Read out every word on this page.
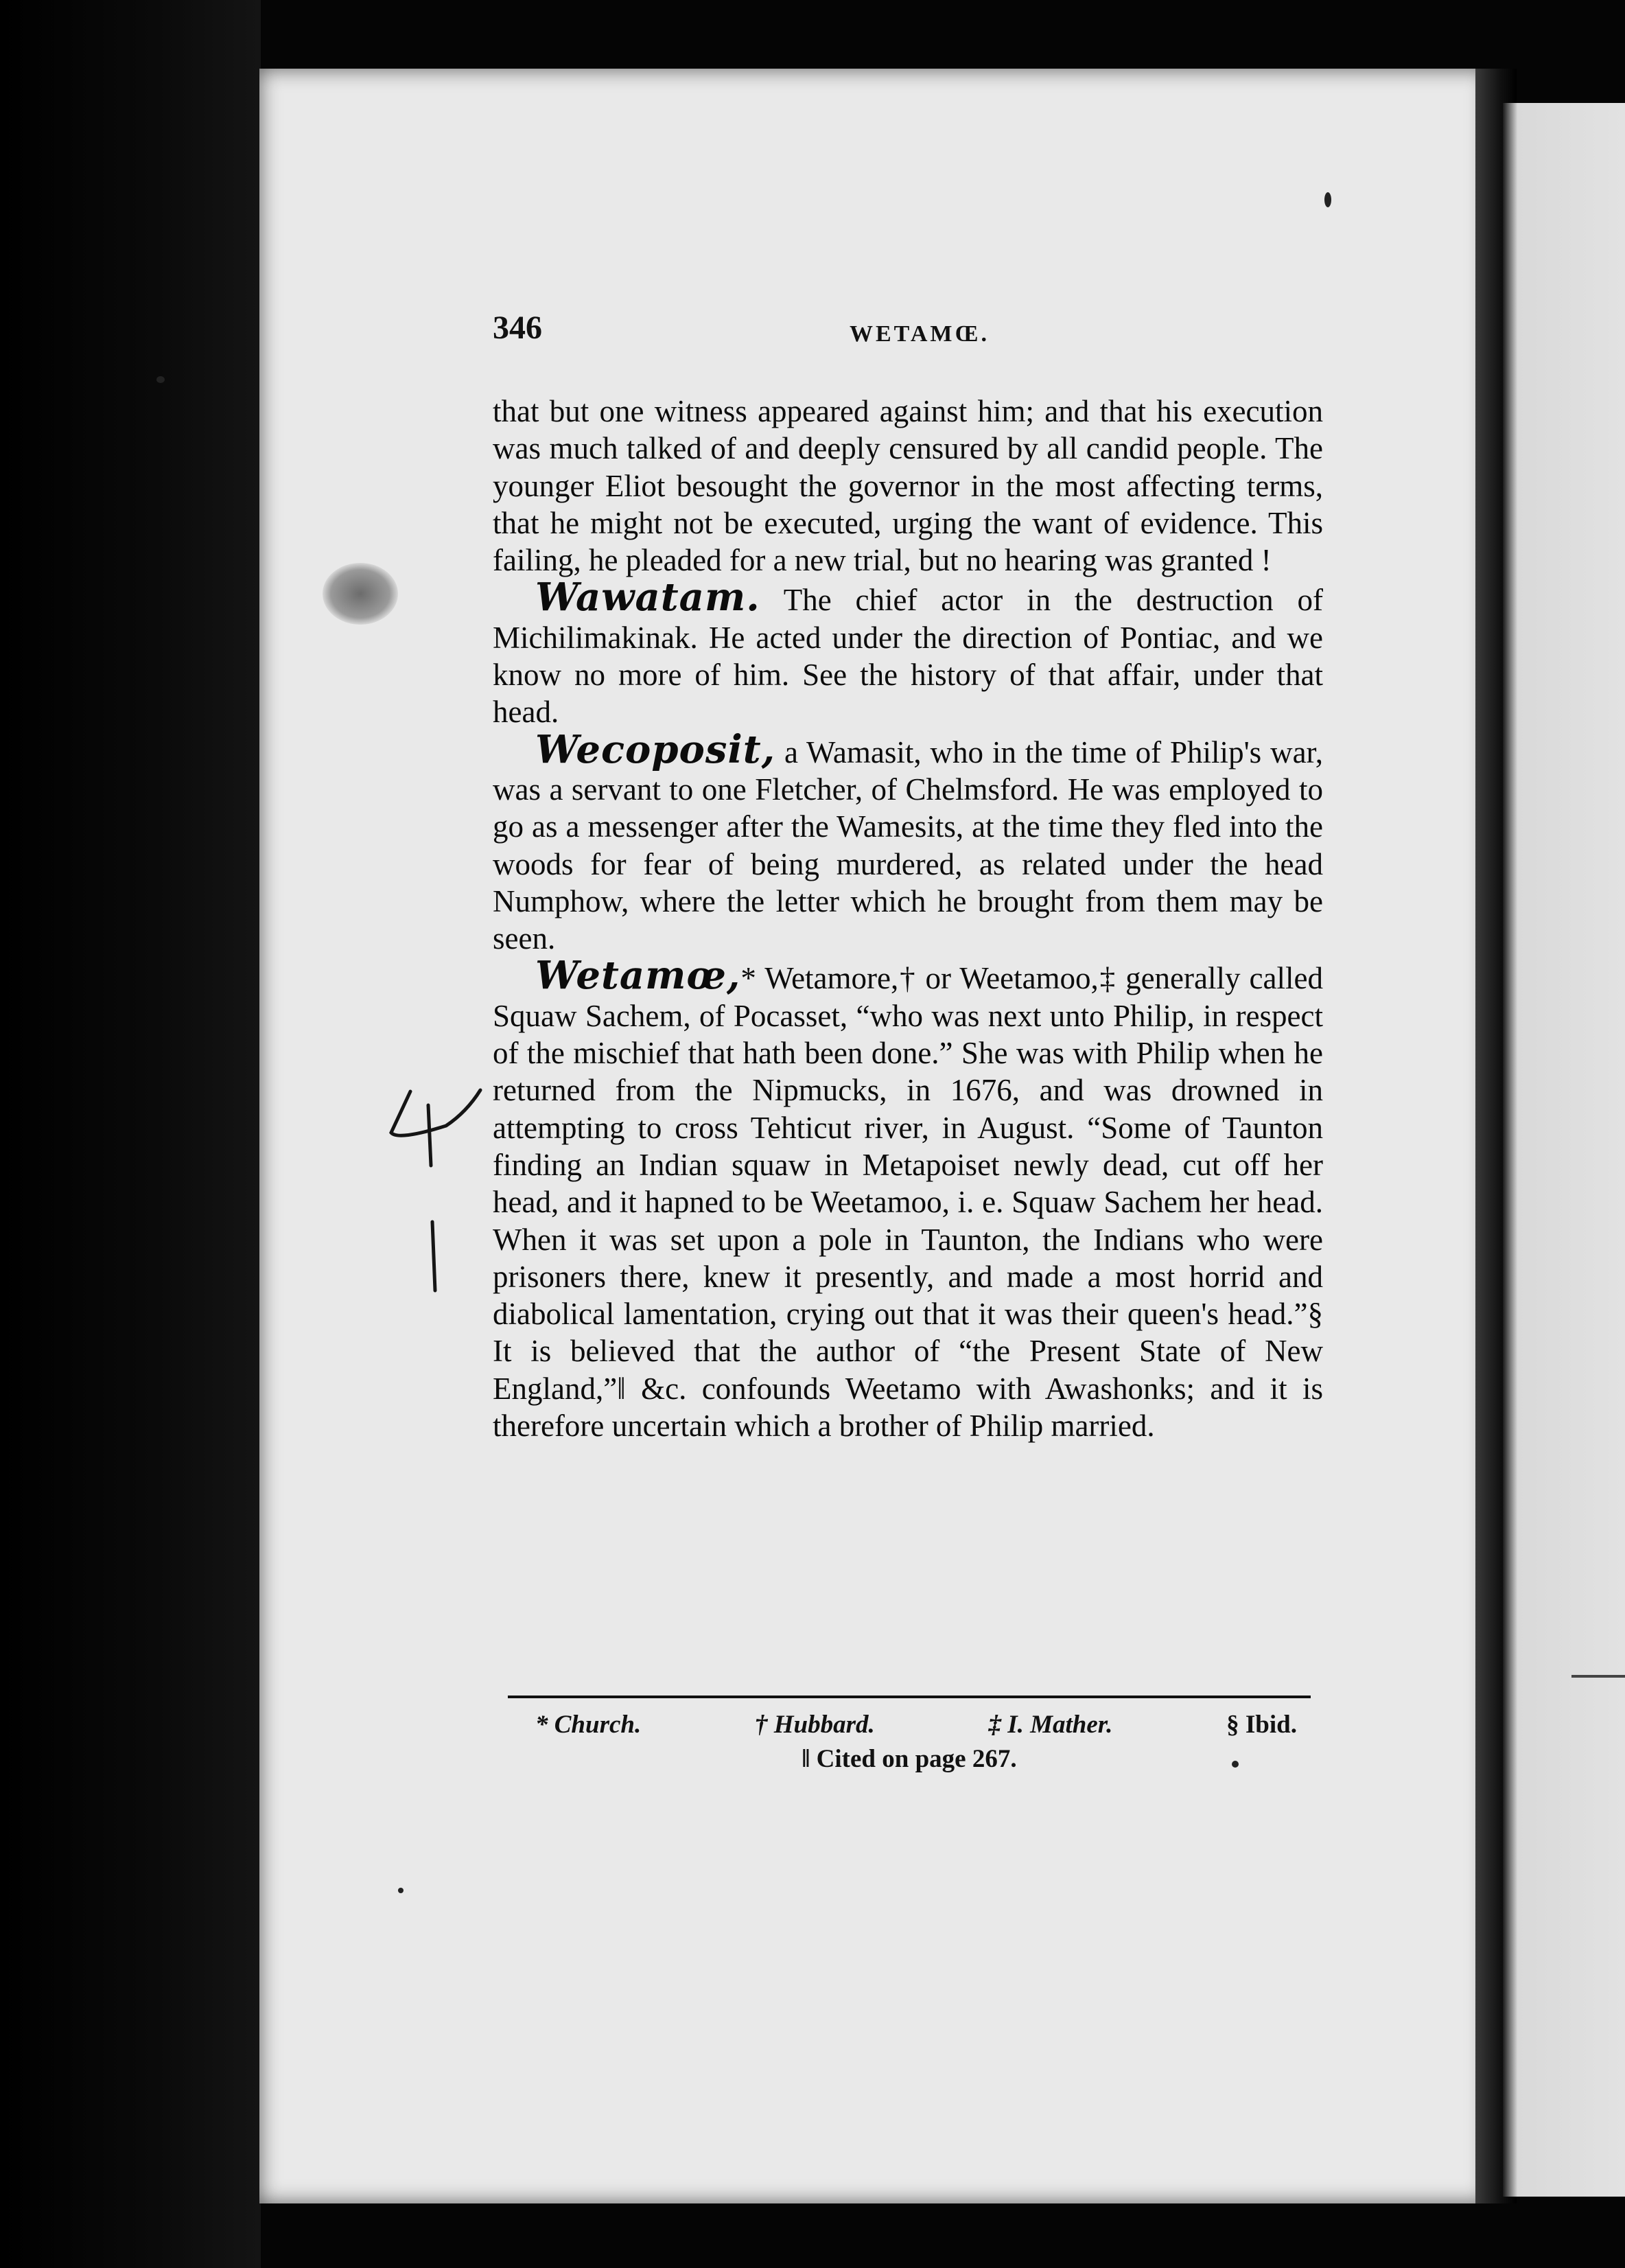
346	WETAMŒ.

that but one witness appeared against him; and that his execution was much talked of and deeply censured by all candid people. The younger Eliot besought the governor in the most affecting terms, that he might not be executed, urging the want of evidence. This failing, he pleaded for a new trial, but no hearing was granted !

Wawatam. The chief actor in the destruction of Michilimakinak. He acted under the direction of Pontiac, and we know no more of him. See the history of that affair, under that head.

Wecoposit, a Wamasit, who in the time of Philip's war, was a servant to one Fletcher, of Chelmsford. He was employed to go as a messenger after the Wamesits, at the time they fled into the woods for fear of being murdered, as related under the head Numphow, where the letter which he brought from them may be seen.

Wetamœ,* Wetamore,† or Weetamoo,‡ generally called Squaw Sachem, of Pocasset, “who was next unto Philip, in respect of the mischief that hath been done.” She was with Philip when he returned from the Nipmucks, in 1676, and was drowned in attempting to cross Tehticut river, in August. “Some of Taunton finding an Indian squaw in Metapoiset newly dead, cut off her head, and it hapned to be Weetamoo, i. e. Squaw Sachem her head. When it was set upon a pole in Taunton, the Indians who were prisoners there, knew it presently, and made a most horrid and diabolical lamentation, crying out that it was their queen's head.”§ It is believed that the author of “the Present State of New England,”‖ &c. confounds Weetamo with Awashonks; and it is therefore uncertain which a brother of Philip married.

* Church.	† Hubbard.	‡ I. Mather.	§ Ibid.
‖ Cited on page 267.
